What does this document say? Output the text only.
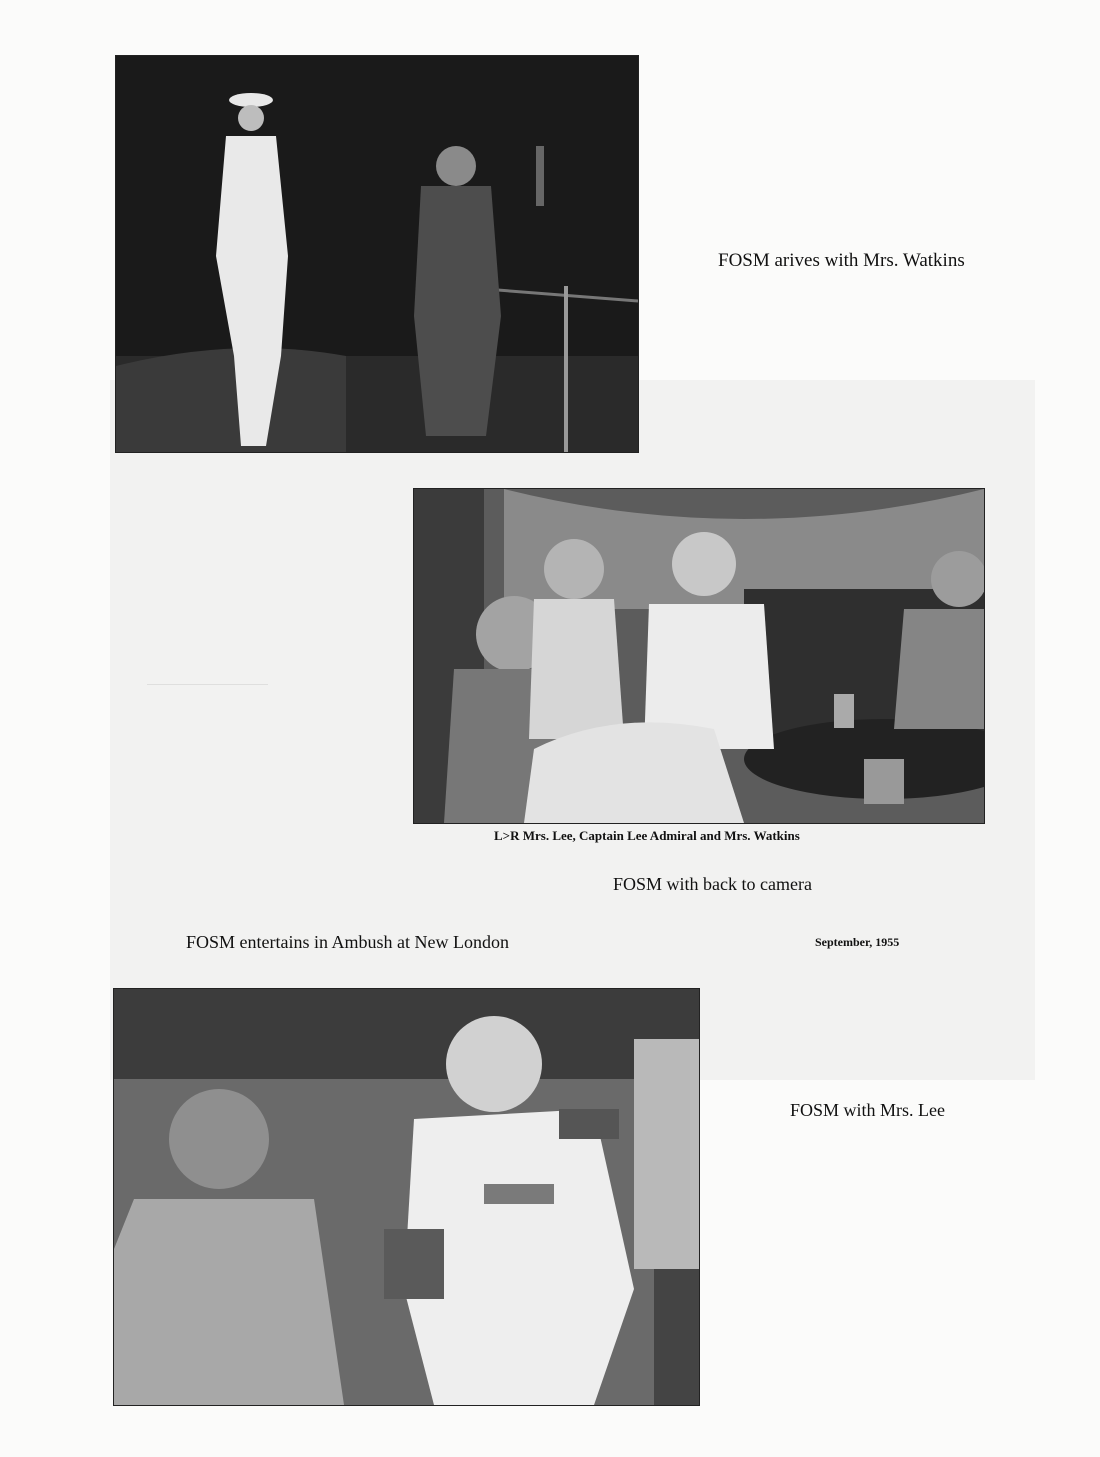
FOSM arives with Mrs. Watkins
·························································································································
L>R Mrs. Lee, Captain Lee Admiral and Mrs. Watkins
FOSM with back to camera
FOSM entertains in Ambush at New London	September, 1955
FOSM with Mrs. Lee
